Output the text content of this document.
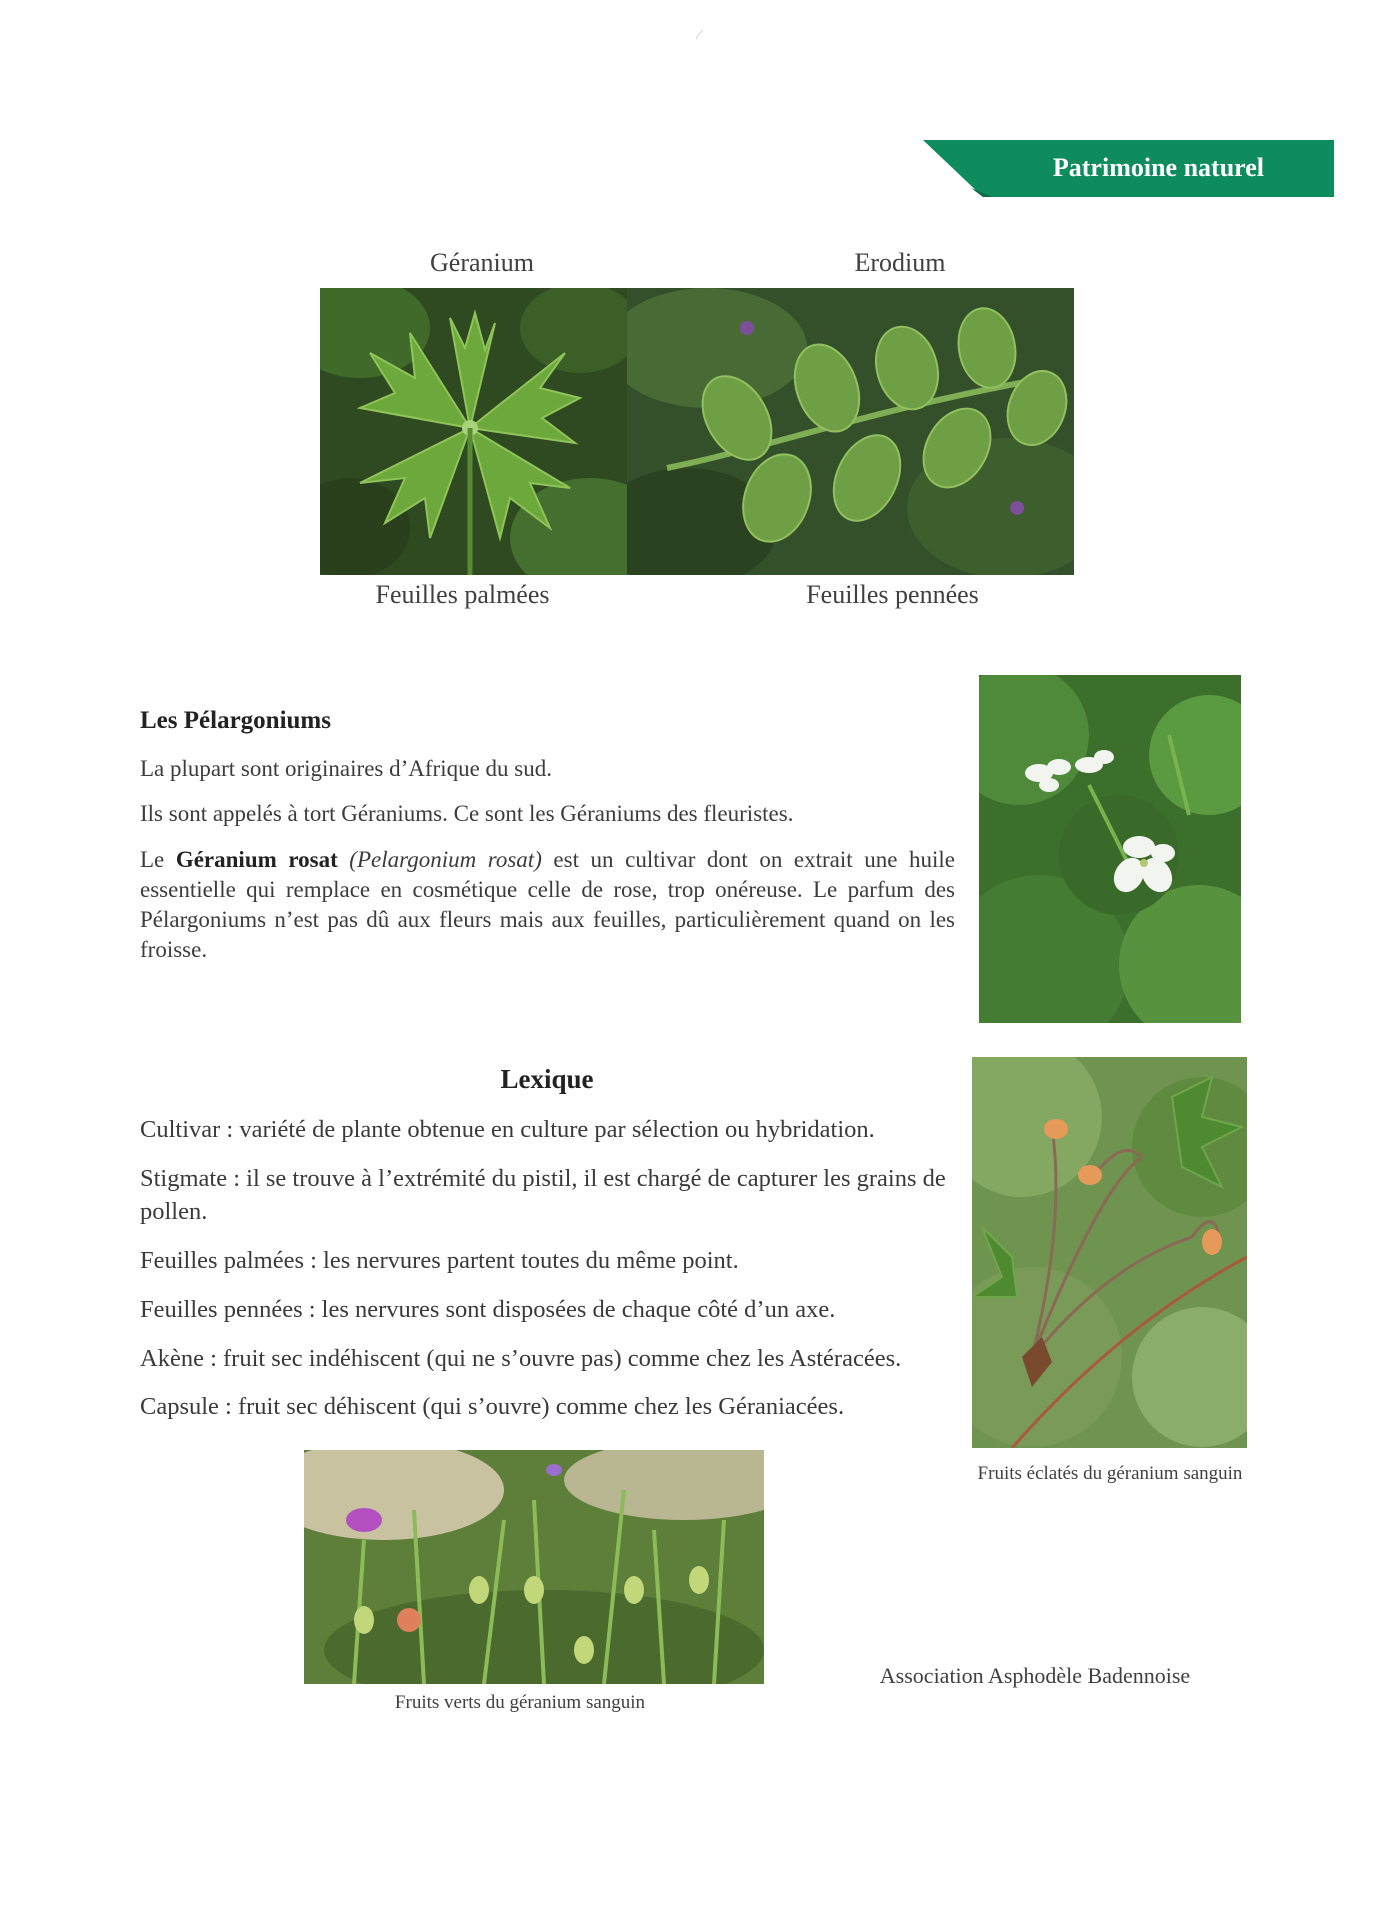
Patrimoine naturel
⁄
Géranium	Erodium
Feuilles palmées	Feuilles pennées
Les Pélargoniums
La plupart sont originaires d’Afrique du sud.
Ils sont appelés à tort Géraniums. Ce sont les Géraniums des fleuristes.
Le Géranium rosat (Pelargonium rosat) est un cultivar dont on extrait une huile essentielle qui remplace en cosmétique celle de rose, trop onéreuse. Le parfum des Pélargoniums n’est pas dû aux fleurs mais aux feuilles, particulièrement quand on les froisse.
Lexique
Cultivar : variété de plante obtenue en culture par sélection ou hybridation.
Stigmate : il se trouve à l’extrémité du pistil, il est chargé de capturer les grains de pollen.
Feuilles palmées : les nervures partent toutes du même point.
Feuilles pennées : les nervures sont disposées de chaque côté d’un axe.
Akène : fruit sec indéhiscent (qui ne s’ouvre pas) comme chez les Astéracées.
Capsule : fruit sec déhiscent (qui s’ouvre) comme chez les Géraniacées.
Fruits éclatés du géranium sanguin
Fruits verts du géranium sanguin
Association Asphodèle Badennoise
